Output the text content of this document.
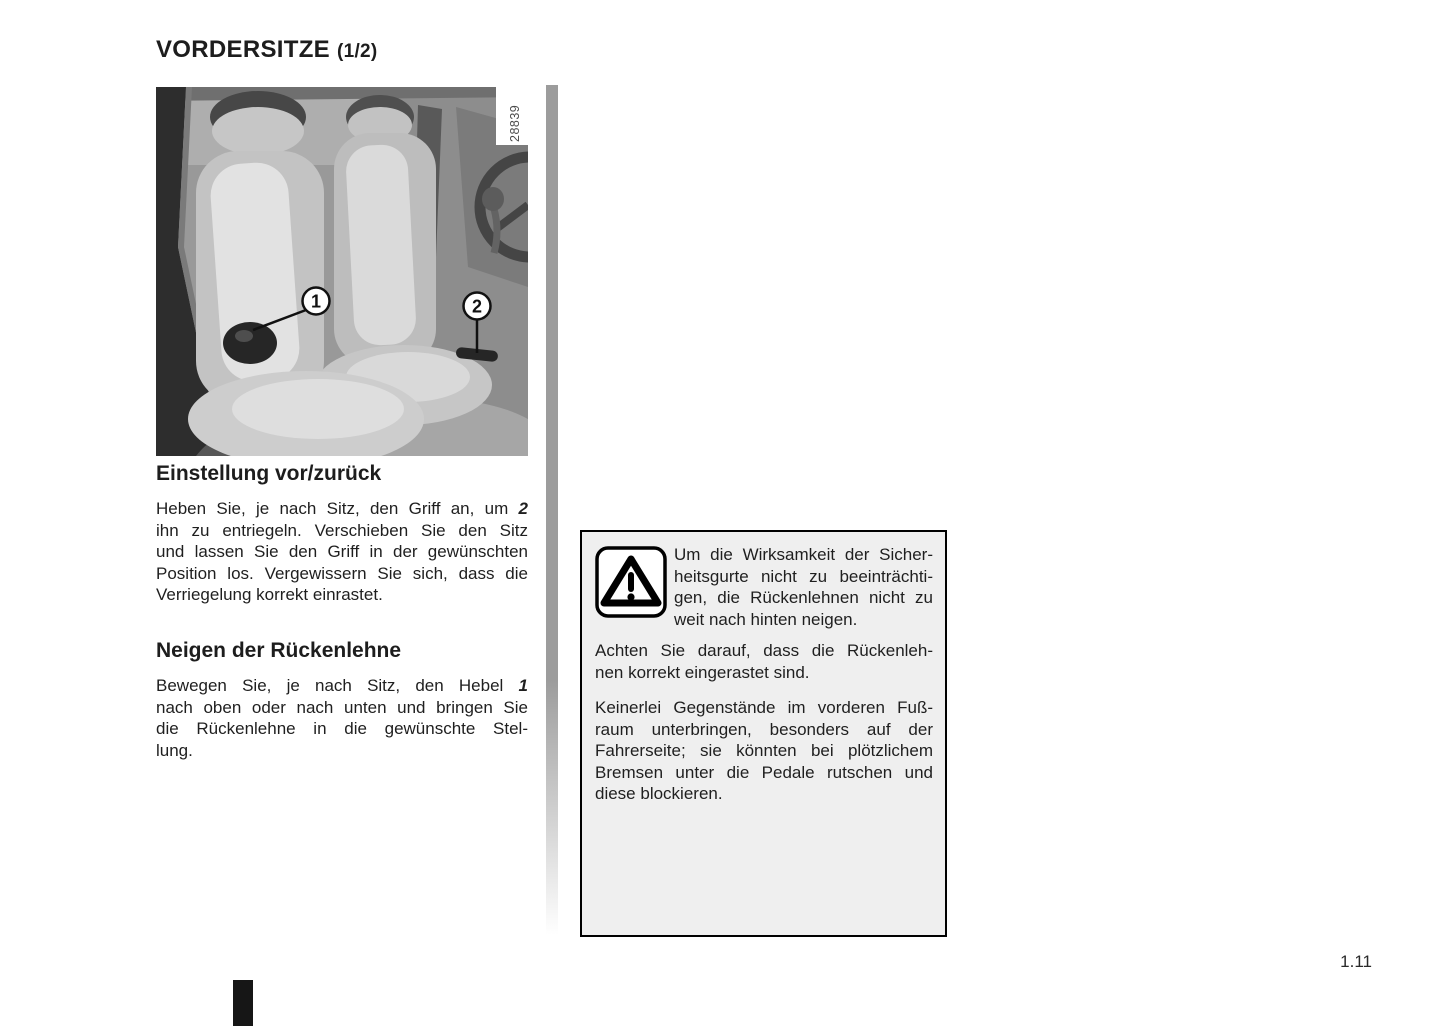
VORDERSITZE (1/2)
28839
1	2
Einstellung vor/zurück
Heben Sie, je nach Sitz, den Griff an, um 2
ihn zu entriegeln. Verschieben Sie den Sitz
und lassen Sie den Griff in der gewünschten
Position los. Vergewissern Sie sich, dass die
Verriegelung korrekt einrastet.
Neigen der Rückenlehne
Bewegen Sie, je nach Sitz, den Hebel 1
nach oben oder nach unten und bringen Sie
die Rückenlehne in die gewünschte Stel-
lung.
Um die Wirksamkeit der Sicher-
heitsgurte nicht zu beeinträchti-
gen, die Rückenlehnen nicht zu
weit nach hinten neigen.
Achten Sie darauf, dass die Rückenleh-
nen korrekt eingerastet sind.
Keinerlei Gegenstände im vorderen Fuß-
raum unterbringen, besonders auf der
Fahrerseite; sie könnten bei plötzlichem
Bremsen unter die Pedale rutschen und
diese blockieren.
1.11
